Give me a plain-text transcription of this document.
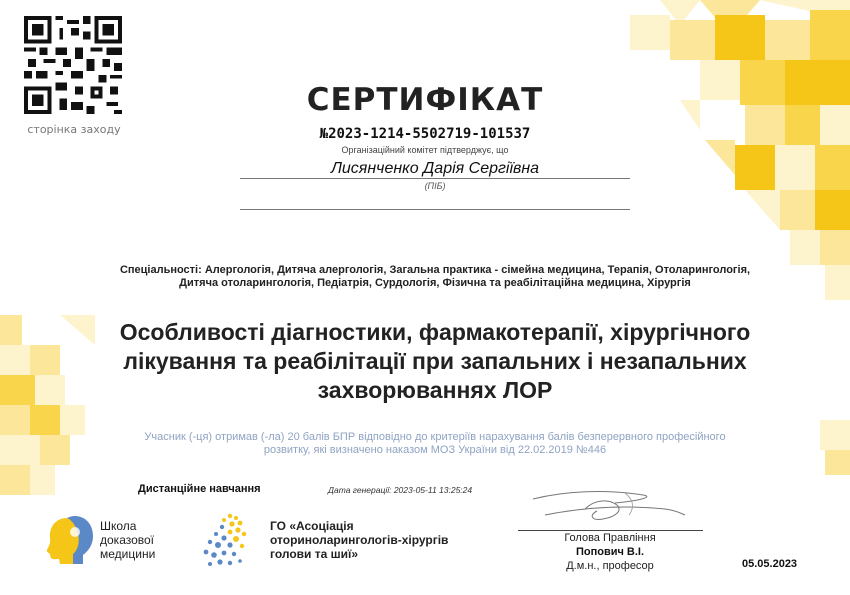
сторінка заходу
СЕРТИФІКАТ
№2023-1214-5502719-101537
Організаційний комітет підтверджує, що
Лисянченко Дарія Сергіївна
(ПІБ)
Спеціальності: Алергологія, Дитяча алергологія, Загальна практика - сімейна медицина, Терапія, Отоларингологія, Дитяча отоларингологія, Педіатрія, Сурдологія, Фізична та реабілітаційна медицина, Хірургія
Особливості діагностики, фармакотерапії, хірургічного лікування та реабілітації при запальних і незапальних захворюваннях ЛОР
Учасник (-ця) отримав (-ла) 20 балів БПР відповідно до критеріїв нарахування балів безперервного професійного розвитку, які визначено наказом МОЗ України від 22.02.2019 №446
Дистанційне навчання	Дата генерації: 2023-05-11 13:25:24
Школа
доказової
медицини
ГО «Асоціація
оториноларингологів-хірургів
голови та шиї»
Голова Правління
Попович В.І.
Д.м.н., професор	05.05.2023
